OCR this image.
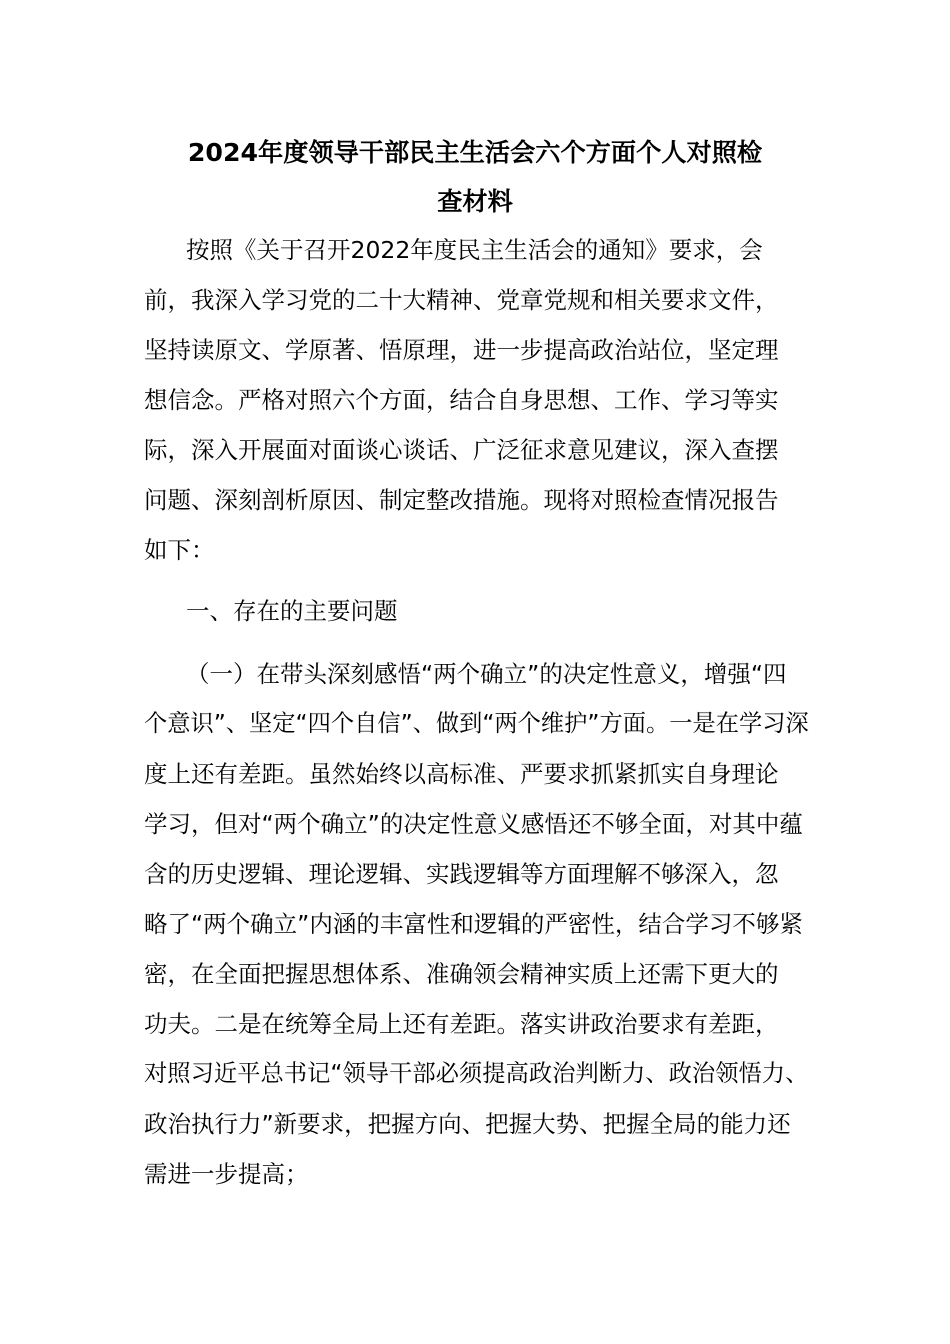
2024年度领导干部民主生活会六个方面个人对照检
查材料
按照《关于召开2022年度民主生活会的通知》要求，会
前，我深入学习党的二十大精神、党章党规和相关要求文件，
坚持读原文、学原著、悟原理，进一步提高政治站位，坚定理
想信念。严格对照六个方面，结合自身思想、工作、学习等实
际，深入开展面对面谈心谈话、广泛征求意见建议，深入查摆
问题、深刻剖析原因、制定整改措施。现将对照检查情况报告
如下：
一、存在的主要问题
（一）在带头深刻感悟“两个确立”的决定性意义，增强“四
个意识”、坚定“四个自信”、做到“两个维护”方面。一是在学习深
度上还有差距。虽然始终以高标准、严要求抓紧抓实自身理论
学习，但对“两个确立”的决定性意义感悟还不够全面，对其中蕴
含的历史逻辑、理论逻辑、实践逻辑等方面理解不够深入，忽
略了“两个确立”内涵的丰富性和逻辑的严密性，结合学习不够紧
密，在全面把握思想体系、准确领会精神实质上还需下更大的
功夫。二是在统筹全局上还有差距。落实讲政治要求有差距，
对照习近平总书记“领导干部必须提高政治判断力、政治领悟力、
政治执行力”新要求，把握方向、把握大势、把握全局的能力还
需进一步提高；
